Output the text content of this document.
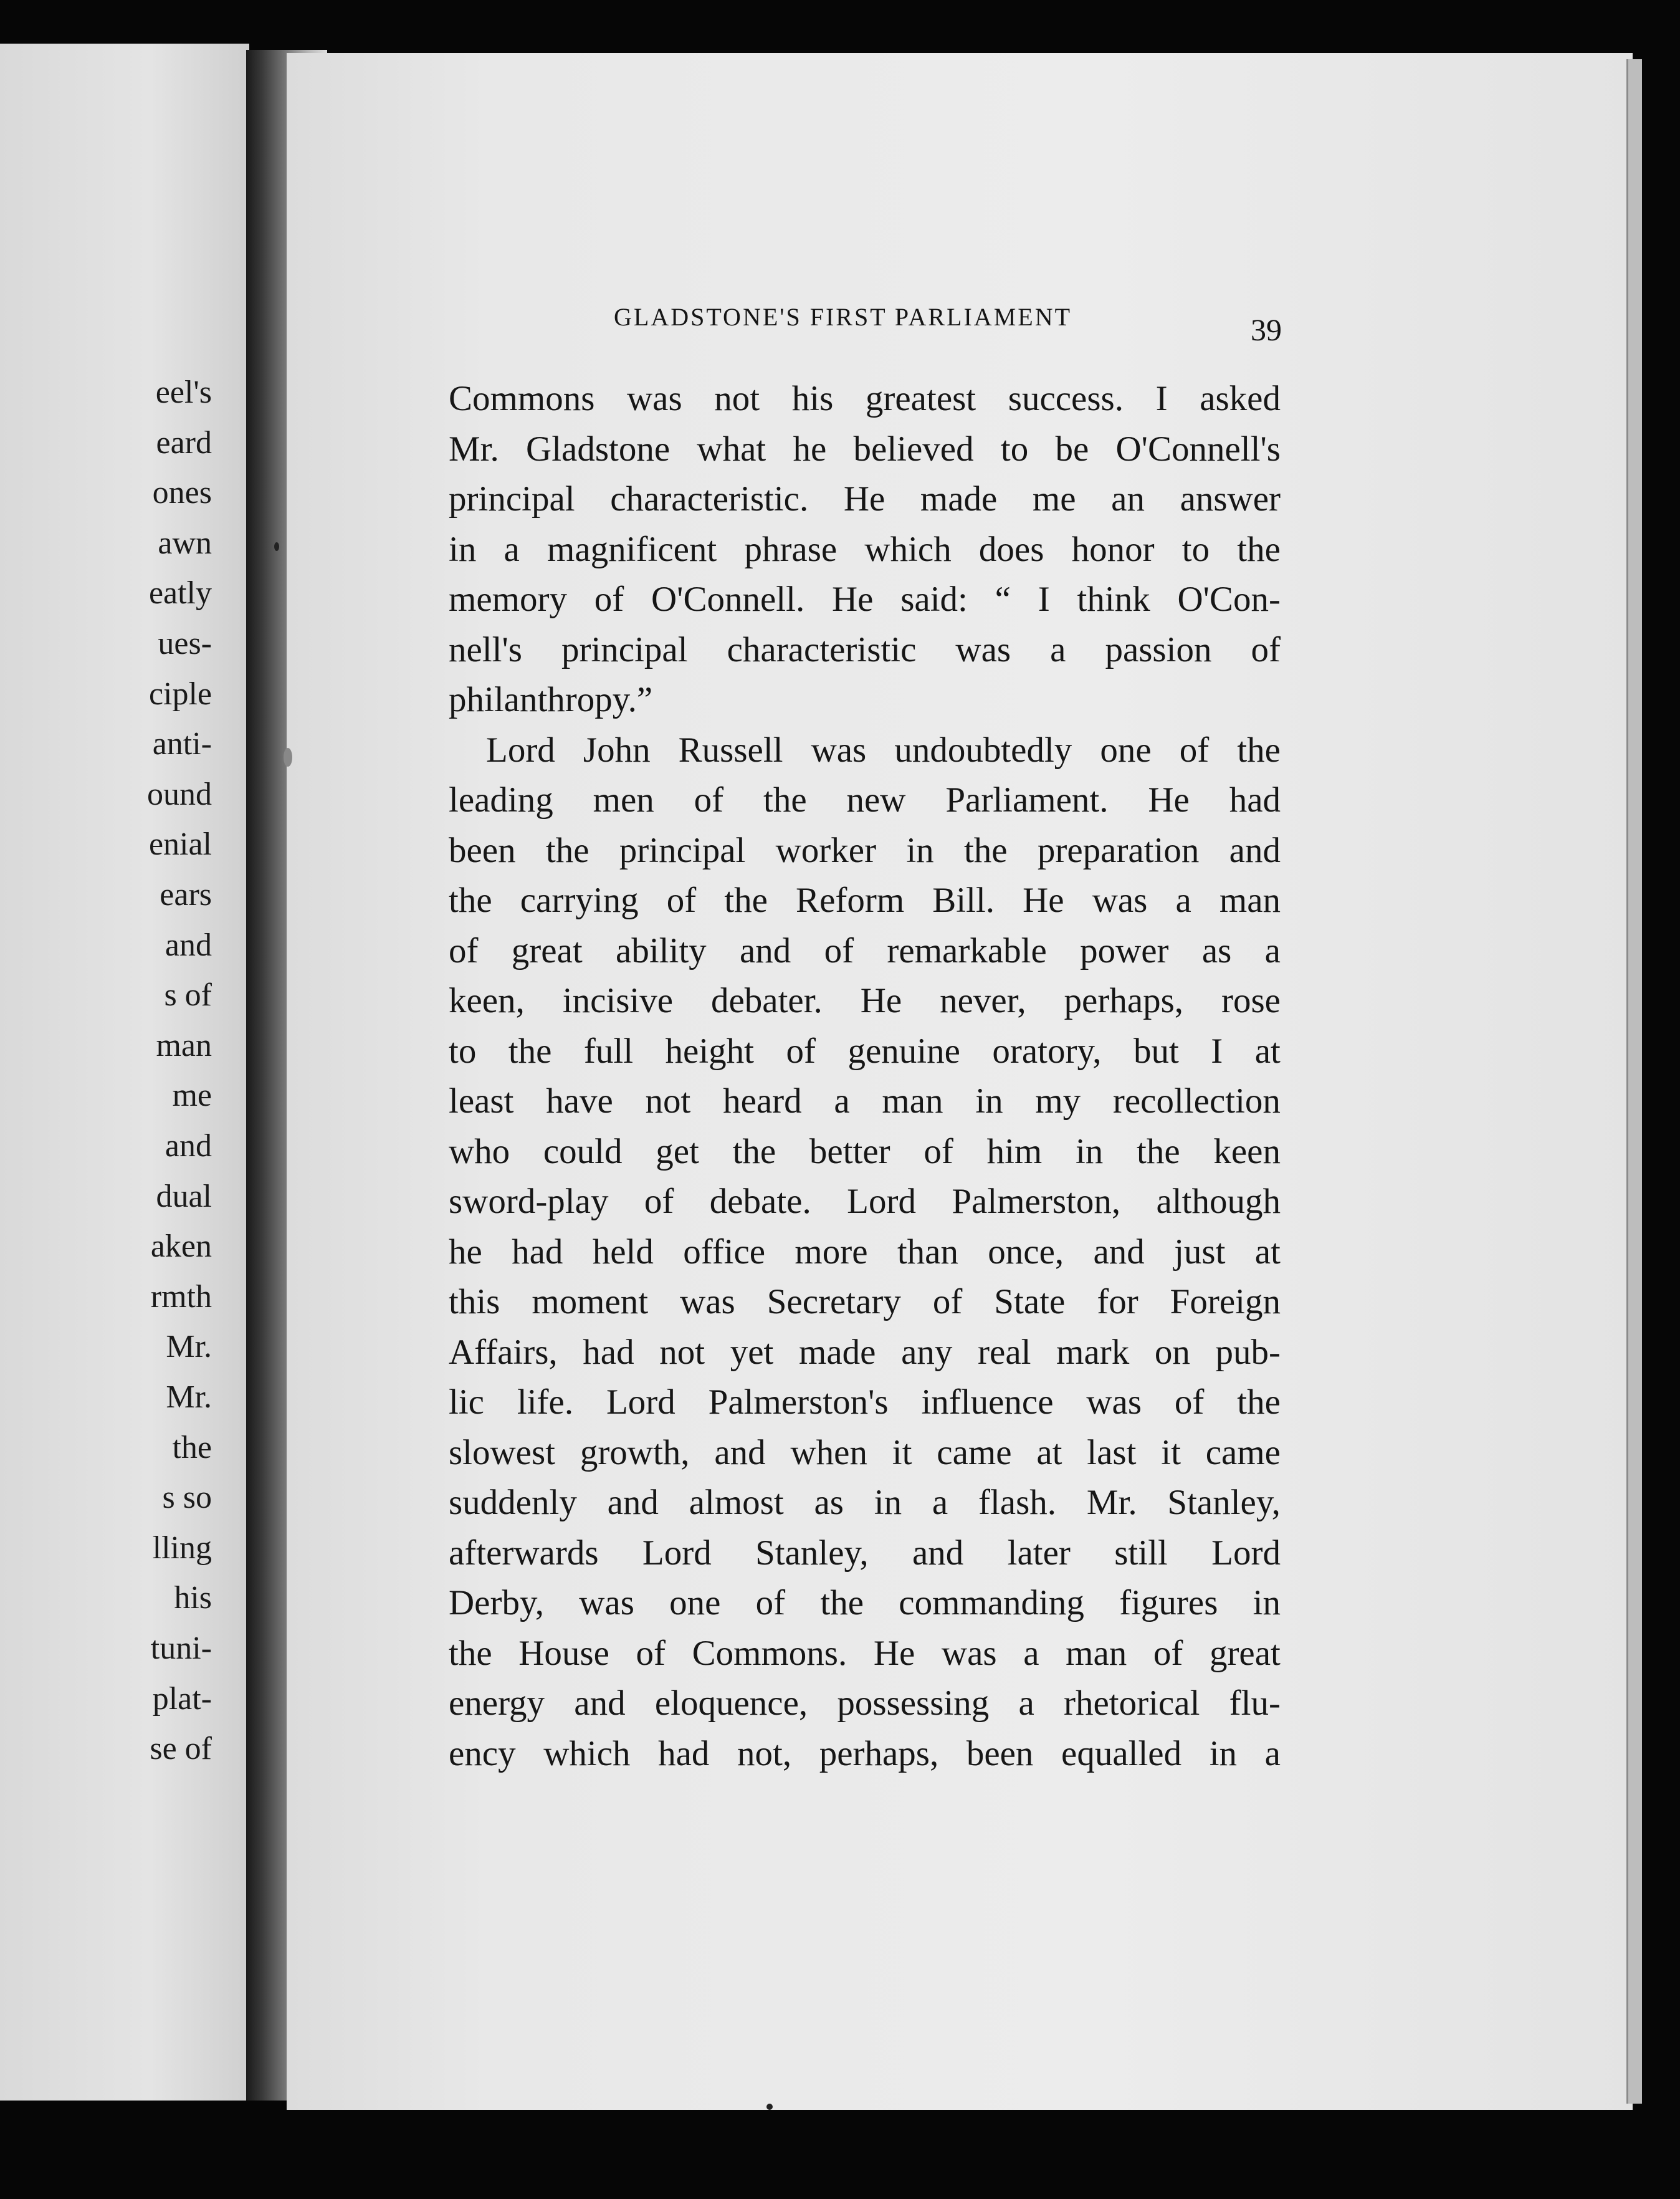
eel's
eard
ones
awn
eatly
ues-
ciple
anti-
ound
enial
ears
and
s of
man
me
and
dual
aken
rmth
Mr.
Mr.
the
s so
lling
his
tuni-
plat-
se of
GLADSTONE'S FIRST PARLIAMENT	39
Commons was not his greatest success. I asked
Mr. Gladstone what he believed to be O'Connell's
principal characteristic. He made me an answer
in a magnificent phrase which does honor to the
memory of O'Connell. He said: “ I think O'Con-
nell's principal characteristic was a passion of
philanthropy.”
Lord John Russell was undoubtedly one of the
leading men of the new Parliament. He had
been the principal worker in the preparation and
the carrying of the Reform Bill. He was a man
of great ability and of remarkable power as a
keen, incisive debater. He never, perhaps, rose
to the full height of genuine oratory, but I at
least have not heard a man in my recollection
who could get the better of him in the keen
sword-play of debate. Lord Palmerston, although
he had held office more than once, and just at
this moment was Secretary of State for Foreign
Affairs, had not yet made any real mark on pub-
lic life. Lord Palmerston's influence was of the
slowest growth, and when it came at last it came
suddenly and almost as in a flash. Mr. Stanley,
afterwards Lord Stanley, and later still Lord
Derby, was one of the commanding figures in
the House of Commons. He was a man of great
energy and eloquence, possessing a rhetorical flu-
ency which had not, perhaps, been equalled in a
